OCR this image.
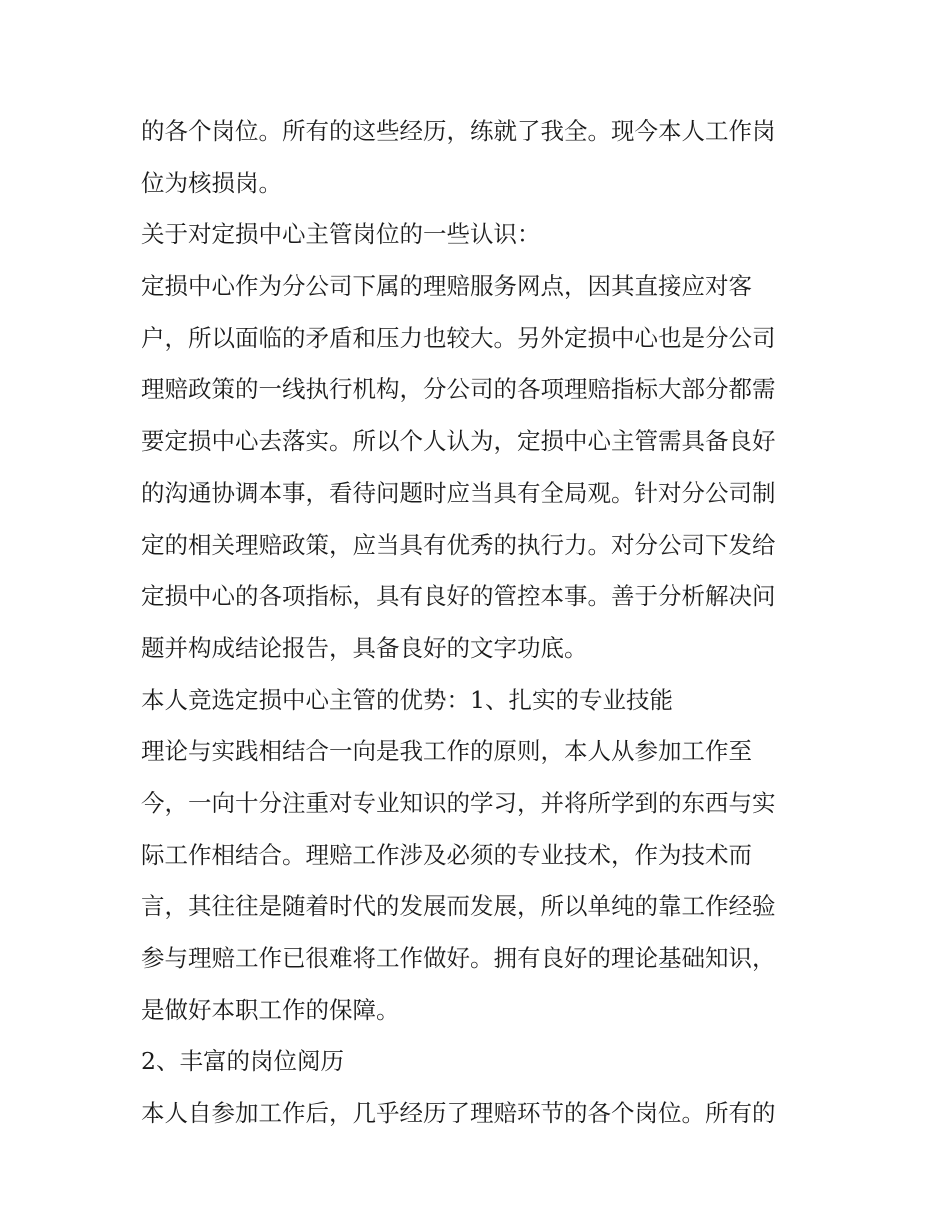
的各个岗位。所有的这些经历，练就了我全。现今本人工作岗
位为核损岗。
关于对定损中心主管岗位的一些认识：
定损中心作为分公司下属的理赔服务网点，因其直接应对客
户，所以面临的矛盾和压力也较大。另外定损中心也是分公司
理赔政策的一线执行机构，分公司的各项理赔指标大部分都需
要定损中心去落实。所以个人认为，定损中心主管需具备良好
的沟通协调本事，看待问题时应当具有全局观。针对分公司制
定的相关理赔政策，应当具有优秀的执行力。对分公司下发给
定损中心的各项指标，具有良好的管控本事。善于分析解决问
题并构成结论报告，具备良好的文字功底。
本人竞选定损中心主管的优势：1、扎实的专业技能
理论与实践相结合一向是我工作的原则，本人从参加工作至
今，一向十分注重对专业知识的学习，并将所学到的东西与实
际工作相结合。理赔工作涉及必须的专业技术，作为技术而
言，其往往是随着时代的发展而发展，所以单纯的靠工作经验
参与理赔工作已很难将工作做好。拥有良好的理论基础知识，
是做好本职工作的保障。
2、丰富的岗位阅历
本人自参加工作后，几乎经历了理赔环节的各个岗位。所有的
